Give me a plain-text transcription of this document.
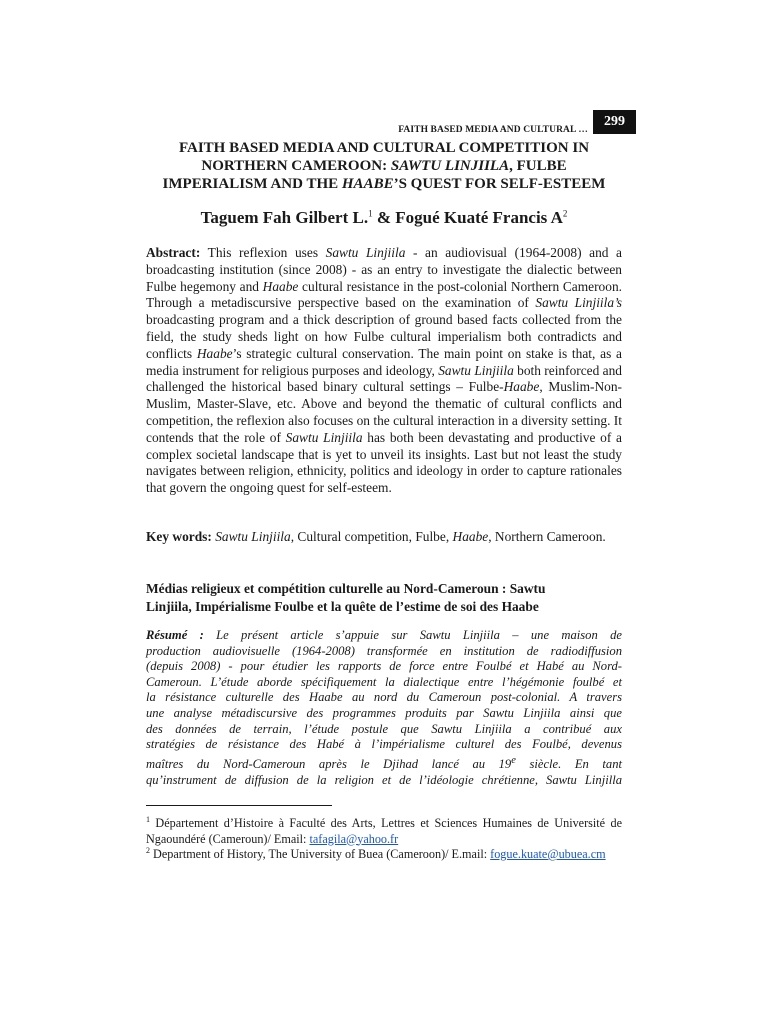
FAITH BASED MEDIA AND CULTURAL …
299
FAITH BASED MEDIA AND CULTURAL COMPETITION IN
NORTHERN CAMEROON: SAWTU LINJIILA, FULBE
IMPERIALISM AND THE HAABE’S QUEST FOR SELF-ESTEEM
Taguem Fah Gilbert L.$^1$ & Fogué Kuaté Francis $A^2$

Abstract: This reflexion uses Sawtu Linjiila - an audiovisual (1964-2008) and a broadcasting institution (since 2008) - as an entry to investigate the dialectic between Fulbe hegemony and Haabe cultural resistance in the post-colonial Northern Cameroon. Through a metadiscursive perspective based on the examination of Sawtu Linjiila’s broadcasting program and a thick description of ground based facts collected from the field, the study sheds light on how Fulbe cultural imperialism both contradicts and conflicts Haabe’s strategic cultural conservation. The main point on stake is that, as a media instrument for religious purposes and ideology, Sawtu Linjiila both reinforced and challenged the historical based binary cultural settings – Fulbe-Haabe, Muslim-Non-Muslim, Master-Slave, etc. Above and beyond the thematic of cultural conflicts and competition, the reflexion also focuses on the cultural interaction in a diversity setting. It contends that the role of Sawtu Linjiila has both been devastating and productive of a complex societal landscape that is yet to unveil its insights. Last but not least the study navigates between religion, ethnicity, politics and ideology in order to capture rationales that govern the ongoing quest for self-esteem.

Key words: Sawtu Linjiila, Cultural competition, Fulbe, Haabe, Northern Cameroon.

Médias religieux et compétition culturelle au Nord-Cameroun : Sawtu
Linjiila, Impérialisme Foulbe et la quête de l’estime de soi des Haabe
Résumé : Le présent article s’appuie sur Sawtu Linjiila – une maison de
production audiovisuelle (1964-2008) transformée en institution de radiodiffusion
(depuis 2008) - pour étudier les rapports de force entre Foulbé et Habé au Nord-
Cameroun. L’étude aborde spécifiquement la dialectique entre l’hégémonie foulbé et
la résistance culturelle des Haabe au nord du Cameroun post-colonial. A travers
une analyse métadiscursive des programmes produits par Sawtu Linjiila ainsi que
des données de terrain, l’étude postule que Sawtu Linjiila a contribué aux
stratégies de résistance des Habé à l’impérialisme culturel des Foulbé, devenus
maîtres du Nord-Cameroun après le Djihad lancé au 19e siècle. En tant
qu’instrument de diffusion de la religion et de l’idéologie chrétienne, Sawtu Linjilla

$^1$ Département d’Histoire à Faculté des Arts, Lettres et Sciences Humaines de Université de Ngaoundéré (Cameroun)/ Email: tafagila@yahoo.fr

$^2$ Department of History, The University of Buea (Cameroon)/ E.mail: fogue.kuate@ubuea.cm
